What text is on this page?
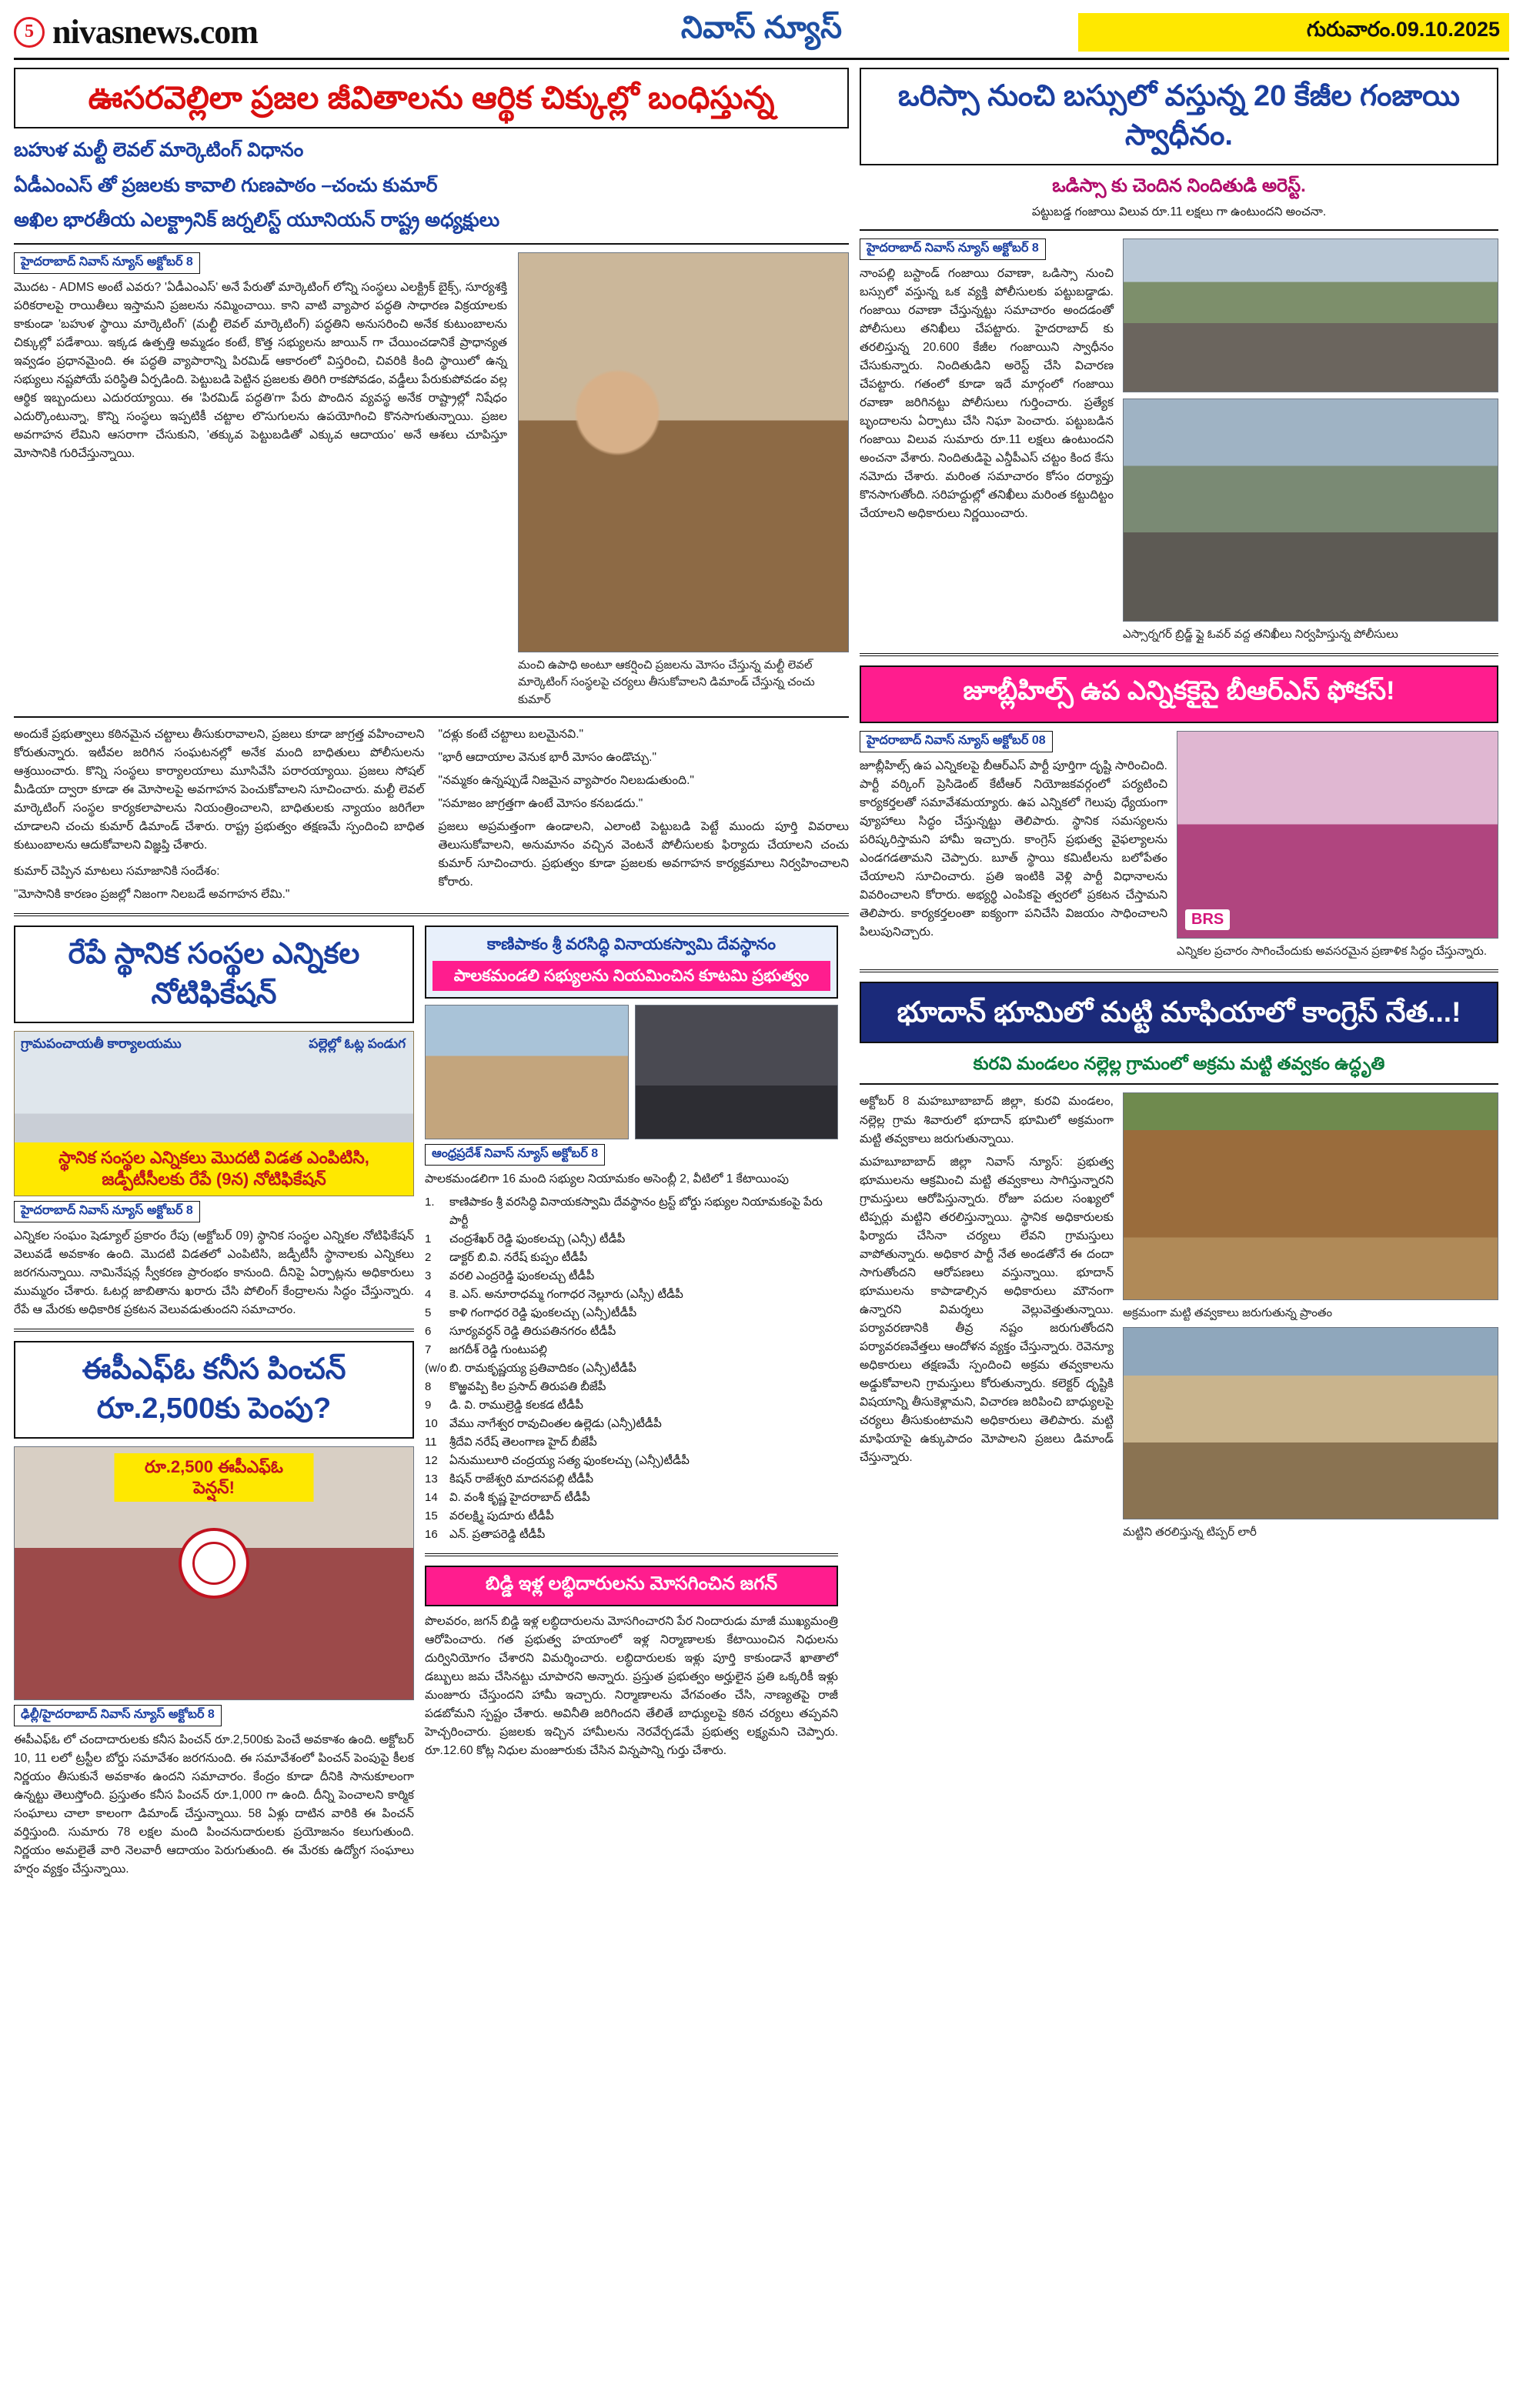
5 nivasnews.com	నివాస్ న్యూస్	గురువారం.09.10.2025
ఊసరవెల్లిలా ప్రజల జీవితాలను ఆర్థిక చిక్కుల్లో బంధిస్తున్న
బహుళ మల్టీ లెవల్ మార్కెటింగ్ విధానం
ఏడీఎంఎస్ తో ప్రజలకు కావాలి గుణపాఠం –చంచు కుమార్
అఖిల భారతీయ ఎలక్ట్రానిక్ జర్నలిస్ట్ యూనియన్ రాష్ట్ర అధ్యక్షులు
హైదరాబాద్ నివాస్ న్యూస్ అక్టోబర్ 8
మెుదట - ADMS అంటే ఎవరు? 'ఏడీఎంఎస్' అనే పేరుతో మార్కెటింగ్ లోన్ని సంస్థలు ఎలక్ట్రిక్ బైక్స్, సూర్యశక్తి పరికరాలపై రాయితీలు ఇస్తామని ప్రజలను నమ్మించాయి. కాని వాటి వ్యాపార పద్ధతి సాధారణ విక్రయాలకు కాకుండా 'బహుళ స్థాయి మార్కెటింగ్' (మల్టీ లెవల్ మార్కెటింగ్) పద్ధతిని అనుసరించి అనేక కుటుంబాలను చిక్కుల్లో పడేశాయి. ఇక్కడ ఉత్పత్తి అమ్మడం కంటే, కొత్త సభ్యులను జాయిన్ గా చేయించడానికే ప్రాధాన్యత ఇవ్వడం ప్రధానమైంది. ఈ పద్ధతి వ్యాపారాన్ని పిరమిడ్ ఆకారంలో విస్తరించి, చివరికి కింది స్థాయిలో ఉన్న సభ్యులు నష్టపోయే పరిస్థితి ఏర్పడింది. పెట్టుబడి పెట్టిన ప్రజలకు తిరిగి రాకపోవడం, వడ్డీలు పేరుకుపోవడం వల్ల ఆర్థిక ఇబ్బందులు ఎదురయ్యాయి. ఈ 'పిరమిడ్ పద్ధతి'గా పేరు పొందిన వ్యవస్థ అనేక రాష్ట్రాల్లో నిషేధం ఎదుర్కొంటున్నా, కొన్ని సంస్థలు ఇప్పటికీ చట్టాల లొసుగులను ఉపయోగించి కొనసాగుతున్నాయి. ప్రజల అవగాహన లేమిని ఆసరాగా చేసుకుని, 'తక్కువ పెట్టుబడితో ఎక్కువ ఆదాయం' అనే ఆశలు చూపిస్తూ మోసానికి గురిచేస్తున్నాయి.
మంచి ఉపాధి అంటూ ఆకర్షించి ప్రజలను మోసం చేస్తున్న మల్టీ లెవల్ మార్కెటింగ్ సంస్థలపై చర్యలు తీసుకోవాలని డిమాండ్ చేస్తున్న చంచు కుమార్
అందుకే ప్రభుత్వాలు కఠినమైన చట్టాలు తీసుకురావాలని, ప్రజలు కూడా జాగ్రత్త వహించాలని కోరుతున్నారు. ఇటీవల జరిగిన సంఘటనల్లో అనేక మంది బాధితులు పోలీసులను ఆశ్రయించారు. కొన్ని సంస్థలు కార్యాలయాలు మూసివేసి పరారయ్యాయి. ప్రజలు సోషల్ మీడియా ద్వారా కూడా ఈ మోసాలపై అవగాహన పెంచుకోవాలని సూచించారు. మల్టీ లెవల్ మార్కెటింగ్ సంస్థల కార్యకలాపాలను నియంత్రించాలని, బాధితులకు న్యాయం జరిగేలా చూడాలని చంచు కుమార్ డిమాండ్ చేశారు. రాష్ట్ర ప్రభుత్వం తక్షణమే స్పందించి బాధిత కుటుంబాలను ఆదుకోవాలని విజ్ఞప్తి చేశారు.
కుమార్ చెప్పిన మాటలు సమాజానికి సందేశం:
"మోసానికి కారణం ప్రజల్లో నిజంగా నిలబడే అవగాహన లేమి."
"దళ్లు కంటే చట్టాలు బలమైనవి."
"భారీ ఆదాయాల వెనుక భారీ మోసం ఉండొచ్చు."
"నమ్మకం ఉన్నప్పుడే నిజమైన వ్యాపారం నిలబడుతుంది."
"సమాజం జాగ్రత్తగా ఉంటే మోసం కనబడదు."
ప్రజలు అప్రమత్తంగా ఉండాలని, ఎలాంటి పెట్టుబడి పెట్టే ముందు పూర్తి వివరాలు తెలుసుకోవాలని, అనుమానం వచ్చిన వెంటనే పోలీసులకు ఫిర్యాదు చేయాలని చంచు కుమార్ సూచించారు. ప్రభుత్వం కూడా ప్రజలకు అవగాహన కార్యక్రమాలు నిర్వహించాలని కోరారు.
రేపే స్థానిక సంస్థల ఎన్నికల నోటిఫికేషన్
గ్రామపంచాయతీ కార్యాలయము	పల్లెల్లో ఓట్ల పండుగ
స్థానిక సంస్థల ఎన్నికలు మొదటి విడత ఎంపిటిసి, జడ్పీటీసీలకు రేపే (9న) నోటిఫికేషన్
హైదరాబాద్ నివాస్ న్యూస్ అక్టోబర్ 8
ఎన్నికల సంఘం షెడ్యూల్ ప్రకారం రేపు (అక్టోబర్ 09) స్థానిక సంస్థల ఎన్నికల నోటిఫికేషన్ వెలువడే అవకాశం ఉంది. మొదటి విడతలో ఎంపిటిసి, జడ్పీటీసీ స్థానాలకు ఎన్నికలు జరగనున్నాయి. నామినేషన్ల స్వీకరణ ప్రారంభం కానుంది. దీనిపై ఏర్పాట్లను అధికారులు ముమ్మరం చేశారు. ఓటర్ల జాబితాను ఖరారు చేసి పోలింగ్ కేంద్రాలను సిద్ధం చేస్తున్నారు. రేపే ఆ మేరకు అధికారిక ప్రకటన వెలువడుతుందని సమాచారం.
ఈపీఎఫ్ఓ కనీస పించన్
రూ.2,500కు పెంపు?
రూ.2,500 ఈపీఎఫ్ఓ పెన్షన్!
ఢిల్లీ/హైదరాబాద్ నివాస్ న్యూస్ అక్టోబర్ 8
ఈపీఎఫ్ఓ లో చందాదారులకు కనీస పించన్ రూ.2,500కు పెంచే అవకాశం ఉంది. అక్టోబర్ 10, 11 లలో ట్రస్టీల బోర్డు సమావేశం జరగనుంది. ఈ సమావేశంలో పించన్ పెంపుపై కీలక నిర్ణయం తీసుకునే అవకాశం ఉందని సమాచారం. కేంద్రం కూడా దీనికి సానుకూలంగా ఉన్నట్టు తెలుస్తోంది. ప్రస్తుతం కనీస పించన్ రూ.1,000 గా ఉంది. దీన్ని పెంచాలని కార్మిక సంఘాలు చాలా కాలంగా డిమాండ్ చేస్తున్నాయి. 58 ఏళ్లు దాటిన వారికి ఈ పించన్ వర్తిస్తుంది. సుమారు 78 లక్షల మంది పించనుదారులకు ప్రయోజనం కలుగుతుంది. నిర్ణయం అమలైతే వారి నెలవారీ ఆదాయం పెరుగుతుంది. ఈ మేరకు ఉద్యోగ సంఘాలు హర్షం వ్యక్తం చేస్తున్నాయి.
కాణిపాకం శ్రీ వరసిద్ధి వినాయకస్వామి దేవస్థానం
పాలకమండలి సభ్యులను నియమించిన కూటమి ప్రభుత్వం
ఆంధ్రప్రదేశ్ నివాస్ న్యూస్ అక్టోబర్ 8
పాలకమండలిగా 16 మంది సభ్యుల నియామకం అసెంబ్లీ 2, వీటిలో 1 కేటాయింపు
1.	కాణిపాకం శ్రీ వరసిద్ధి వినాయకస్వామి దేవస్థానం ట్రస్ట్ బోర్డు సభ్యుల నియామకంపై పేరు పార్టీ
1	చంద్రశేఖర్ రెడ్డి ఫుంకలచ్చు (ఎన్సీ) టీడీపీ
2	డాక్టర్ బి.వి. నరేష్ కుప్పం టీడీపీ
3	వరలి ఎంద్రరెడ్డి ఫుంకలచ్చు టీడీపీ
4	కె. ఎస్. అనూరాధమ్మ గంగాధర నెల్లూరు (ఎస్సీ) టీడీపీ
5	కాళి గంగాధర రెడ్డి ఫుంకలచ్చు (ఎన్సీ)టీడీపీ
6	సూర్యవర్ధన్ రెడ్డి తిరుపతినగరం టీడీపీ
7	జగదీశ్ రెడ్డి గుంటుపల్లి
(w/o బి. రామకృష్ణయ్య ప్రతివాదికం (ఎన్సీ)టీడీపీ
8	కొఱ్ఱవప్పి కిల ప్రసాద్ తిరుపతి బీజేపీ
9	డి. వి. రాముల్రెడ్డి కలకడ టీడీపీ
10	వేము నాగేశ్వర రావుచింతల ఉల్లెడు (ఎన్సీ)టీడీపీ
11	శ్రీదేవి నరేష్ తెలంగాణ హైద్ బీజేపీ
12	ఏనుములూరి చంద్రయ్య సత్య ఫుంకలచ్చు (ఎన్సీ)టీడీపీ
13	కిషన్ రాజేశ్వరి మాదనపల్లి టీడీపీ
14	వి. వంశీ కృష్ణ హైదరాబాద్ టీడీపీ
15	వరలక్ష్మి పుదూరు టీడీపీ
16	ఎన్. ప్రతాపరెడ్డి టీడీపీ
బిడ్డి ఇళ్ల లబ్ధిదారులను మోసగించిన జగన్
పొలవరం, జగన్ బిడ్డి ఇళ్ల లబ్ధిదారులను మోసగించారని పేర నిందారుడు మాజీ ముఖ్యమంత్రి ఆరోపించారు. గత ప్రభుత్వ హయాంలో ఇళ్ల నిర్మాణాలకు కేటాయించిన నిధులను దుర్వినియోగం చేశారని విమర్శించారు. లబ్ధిదారులకు ఇళ్లు పూర్తి కాకుండానే ఖాతాలో డబ్బులు జమ చేసినట్టు చూపారని అన్నారు. ప్రస్తుత ప్రభుత్వం అర్హులైన ప్రతి ఒక్కరికీ ఇళ్లు మంజూరు చేస్తుందని హామీ ఇచ్చారు. నిర్మాణాలను వేగవంతం చేసి, నాణ్యతపై రాజీ పడబోమని స్పష్టం చేశారు. అవినీతి జరిగిందని తేలితే బాధ్యులపై కఠిన చర్యలు తప్పవని హెచ్చరించారు. ప్రజలకు ఇచ్చిన హామీలను నెరవేర్చడమే ప్రభుత్వ లక్ష్యమని చెప్పారు. రూ.12.60 కోట్ల నిధుల మంజూరుకు చేసిన విన్నపాన్ని గుర్తు చేశారు.
ఒరిస్సా నుంచి బస్సులో వస్తున్న 20 కేజీల గంజాయి స్వాధీనం.
ఒడిస్సా కు చెందిన నిందితుడి అరెస్ట్.
పట్టుబడ్డ గంజాయి విలువ రూ.11 లక్షలు గా ఉంటుందని అంచనా.
హైదరాబాద్ నివాస్ న్యూస్ అక్టోబర్ 8
నాంపల్లి బస్టాండ్ గంజాయి రవాణా, ఒడిస్సా నుంచి బస్సులో వస్తున్న ఒక వ్యక్తి పోలీసులకు పట్టుబడ్డాడు. గంజాయి రవాణా చేస్తున్నట్టు సమాచారం అందడంతో పోలీసులు తనిఖీలు చేపట్టారు. హైదరాబాద్ కు తరలిస్తున్న 20.600 కేజీల గంజాయిని స్వాధీనం చేసుకున్నారు. నిందితుడిని అరెస్ట్ చేసి విచారణ చేపట్టారు. గతంలో కూడా ఇదే మార్గంలో గంజాయి రవాణా జరిగినట్టు పోలీసులు గుర్తించారు. ప్రత్యేక బృందాలను ఏర్పాటు చేసి నిఘా పెంచారు. పట్టుబడిన గంజాయి విలువ సుమారు రూ.11 లక్షలు ఉంటుందని అంచనా వేశారు. నిందితుడిపై ఎన్డీపీఎస్ చట్టం కింద కేసు నమోదు చేశారు. మరింత సమాచారం కోసం దర్యాప్తు కొనసాగుతోంది. సరిహద్దుల్లో తనిఖీలు మరింత కట్టుదిట్టం చేయాలని అధికారులు నిర్ణయించారు.
ఎస్సార్నగర్ బ్రిడ్జ్ ఫ్లై ఓవర్ వద్ద తనిఖీలు నిర్వహిస్తున్న పోలీసులు
జూబ్లీహిల్స్ ఉప ఎన్నికకైపై బీఆర్ఎస్ ఫోకస్!
హైదరాబాద్ నివాస్ న్యూస్ అక్టోబర్ 08
జూబ్లీహిల్స్ ఉప ఎన్నికలపై బీఆర్ఎస్ పార్టీ పూర్తిగా దృష్టి సారించింది. పార్టీ వర్కింగ్ ప్రెసిడెంట్ కేటీఆర్ నియోజకవర్గంలో పర్యటించి కార్యకర్తలతో సమావేశమయ్యారు. ఉప ఎన్నికలో గెలుపు ధ్యేయంగా వ్యూహాలు సిద్ధం చేస్తున్నట్టు తెలిపారు. స్థానిక సమస్యలను పరిష్కరిస్తామని హామీ ఇచ్చారు. కాంగ్రెస్ ప్రభుత్వ వైఫల్యాలను ఎండగడతామని చెప్పారు. బూత్ స్థాయి కమిటీలను బలోపేతం చేయాలని సూచించారు. ప్రతి ఇంటికి వెళ్లి పార్టీ విధానాలను వివరించాలని కోరారు. అభ్యర్థి ఎంపికపై త్వరలో ప్రకటన చేస్తామని తెలిపారు. కార్యకర్తలంతా ఐక్యంగా పనిచేసి విజయం సాధించాలని పిలుపునిచ్చారు.
BRS
ఎన్నికల ప్రచారం సాగించేందుకు అవసరమైన ప్రణాళిక సిద్ధం చేస్తున్నారు.
భూదాన్ భూమిలో మట్టి మాఫియాలో కాంగ్రెస్ నేత...!
కురవి మండలం నల్లెల్ల గ్రామంలో అక్రమ మట్టి తవ్వకం ఉద్ధృతి
అక్టోబర్ 8 మహబూబాబాద్ జిల్లా, కురవి మండలం, నల్లెల్ల గ్రామ శివారులో భూదాన్ భూమిలో అక్రమంగా మట్టి తవ్వకాలు జరుగుతున్నాయి.
మహబూబాబాద్ జిల్లా నివాస్ న్యూస్: ప్రభుత్వ భూములను ఆక్రమించి మట్టి తవ్వకాలు సాగిస్తున్నారని గ్రామస్తులు ఆరోపిస్తున్నారు. రోజూ పదుల సంఖ్యలో టిప్పర్లు మట్టిని తరలిస్తున్నాయి. స్థానిక అధికారులకు ఫిర్యాదు చేసినా చర్యలు లేవని గ్రామస్తులు వాపోతున్నారు. అధికార పార్టీ నేత అండతోనే ఈ దందా సాగుతోందని ఆరోపణలు వస్తున్నాయి. భూదాన్ భూములను కాపాడాల్సిన అధికారులు మౌనంగా ఉన్నారని విమర్శలు వెల్లువెత్తుతున్నాయి. పర్యావరణానికి తీవ్ర నష్టం జరుగుతోందని పర్యావరణవేత్తలు ఆందోళన వ్యక్తం చేస్తున్నారు. రెవెన్యూ అధికారులు తక్షణమే స్పందించి అక్రమ తవ్వకాలను అడ్డుకోవాలని గ్రామస్తులు కోరుతున్నారు. కలెక్టర్ దృష్టికి విషయాన్ని తీసుకెళ్లామని, విచారణ జరిపించి బాధ్యులపై చర్యలు తీసుకుంటామని అధికారులు తెలిపారు. మట్టి మాఫియాపై ఉక్కుపాదం మోపాలని ప్రజలు డిమాండ్ చేస్తున్నారు.
అక్రమంగా మట్టి తవ్వకాలు జరుగుతున్న ప్రాంతం
మట్టిని తరలిస్తున్న టిప్పర్ లారీ
